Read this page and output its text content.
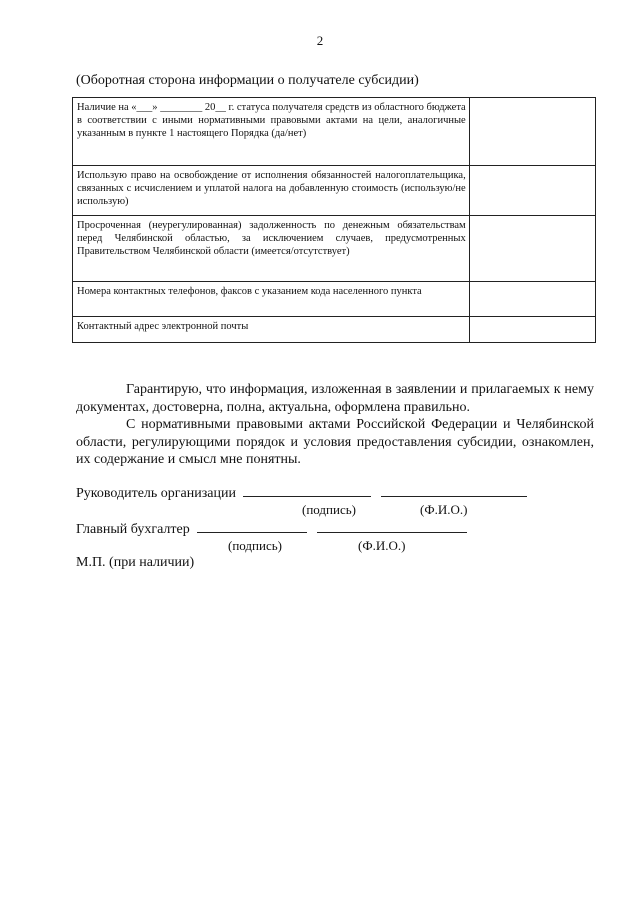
2
(Оборотная сторона информации о получателе субсидии)
Наличие на «___» ________ 20__ г. статуса получателя средств из областного бюджета в соответствии с иными нормативными правовыми актами на цели, аналогичные указанным в пункте 1 настоящего Порядка (да/нет)	
Использую право на освобождение от исполнения обязанностей налогоплательщика, связанных с исчислением и уплатой налога на добавленную стоимость (использую/не использую)	
Просроченная (неурегулированная) задолженность по денежным обязательствам перед Челябинской областью, за исключением случаев, предусмотренных Правительством Челябинской области (имеется/отсутствует)	
Номера контактных телефонов, факсов с указанием кода населенного пункта	
Контактный адрес электронной почты	
Гарантирую, что информация, изложенная в заявлении и прилагаемых к нему документах, достоверна, полна, актуальна, оформлена правильно.
С нормативными правовыми актами Российской Федерации и Челябинской области, регулирующими порядок и условия предоставления субсидии, ознакомлен, их содержание и смысл мне понятны.
Руководитель организации
(подпись)	(Ф.И.О.)
Главный бухгалтер
(подпись)	(Ф.И.О.)
М.П. (при наличии)
